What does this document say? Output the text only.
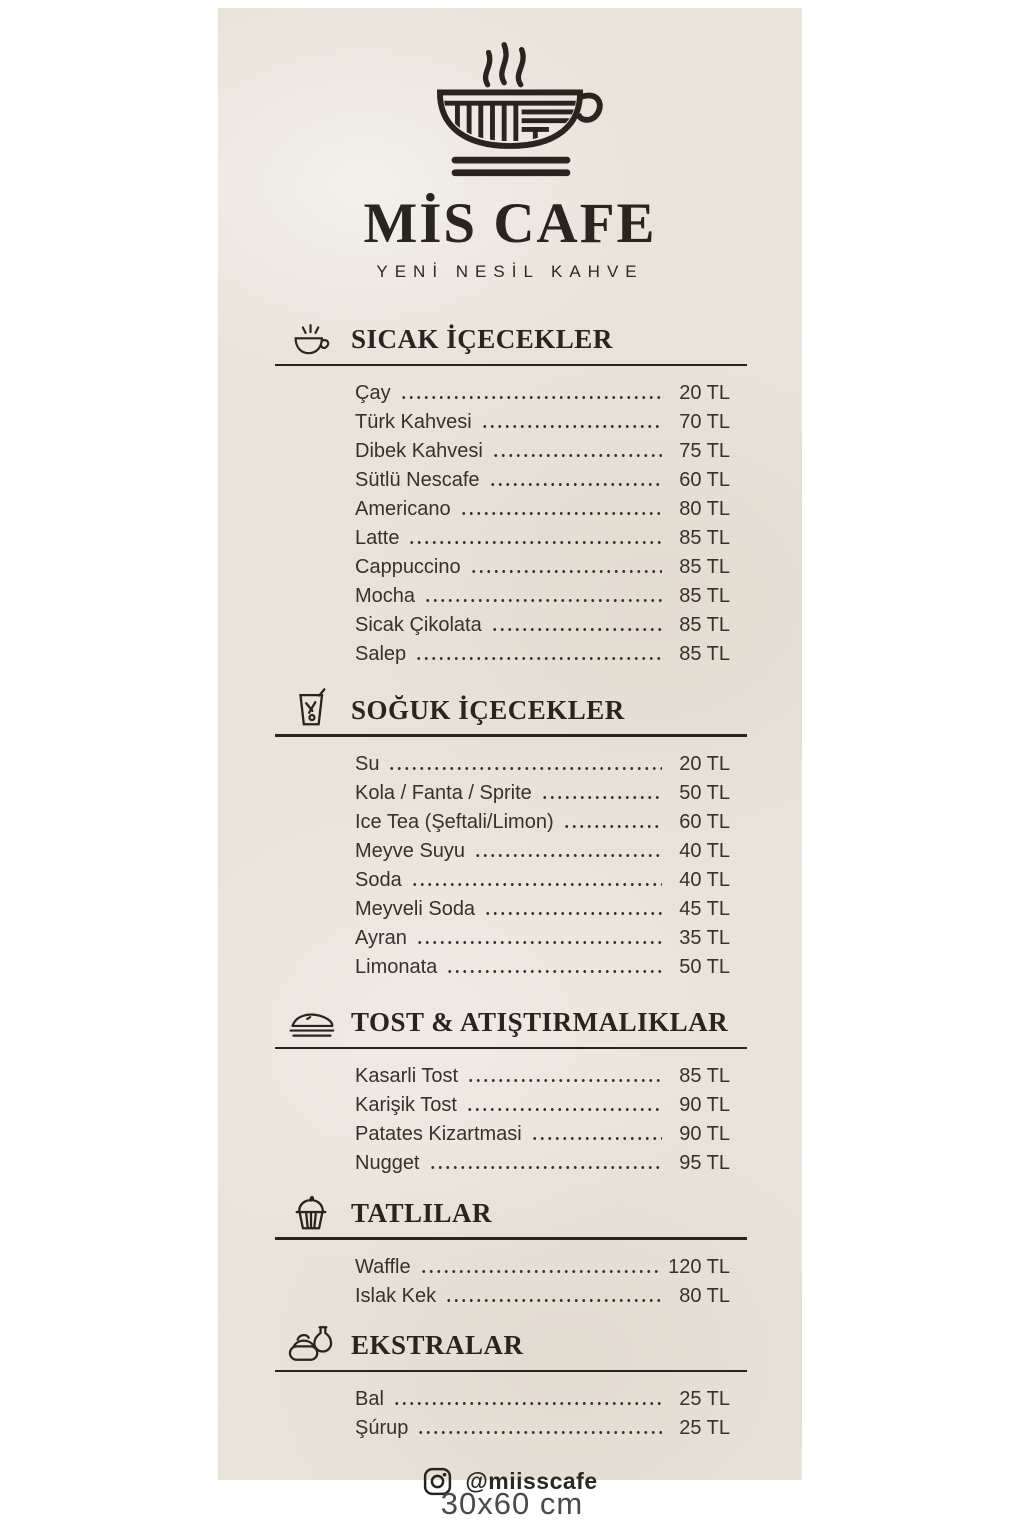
MİS CAFE
YENİ NESİL KAHVE
SICAK İÇECEKLER
Çay	20 TL
Türk Kahvesi	70 TL
Dibek Kahvesi	75 TL
Sütlü Nescafe	60 TL
Americano	80 TL
Latte	85 TL
Cappuccino	85 TL
Mocha	85 TL
Sicak Çikolata	85 TL
Salep	85 TL
SOĞUK İÇECEKLER
Su	20 TL
Kola / Fanta / Sprite	50 TL
Ice Tea (Şeftali/Limon)	60 TL
Meyve Suyu	40 TL
Soda	40 TL
Meyveli Soda	45 TL
Ayran	35 TL
Limonata	50 TL
TOST & ATIŞTIRMALIKLAR
Kasarli Tost	85 TL
Karişik Tost	90 TL
Patates Kizartmasi	90 TL
Nugget	95 TL
TATLILAR
Waffle	120 TL
Islak Kek	80 TL
EKSTRALAR
Bal	25 TL
Şúrup	25 TL
@miisscafe
30x60 cm
